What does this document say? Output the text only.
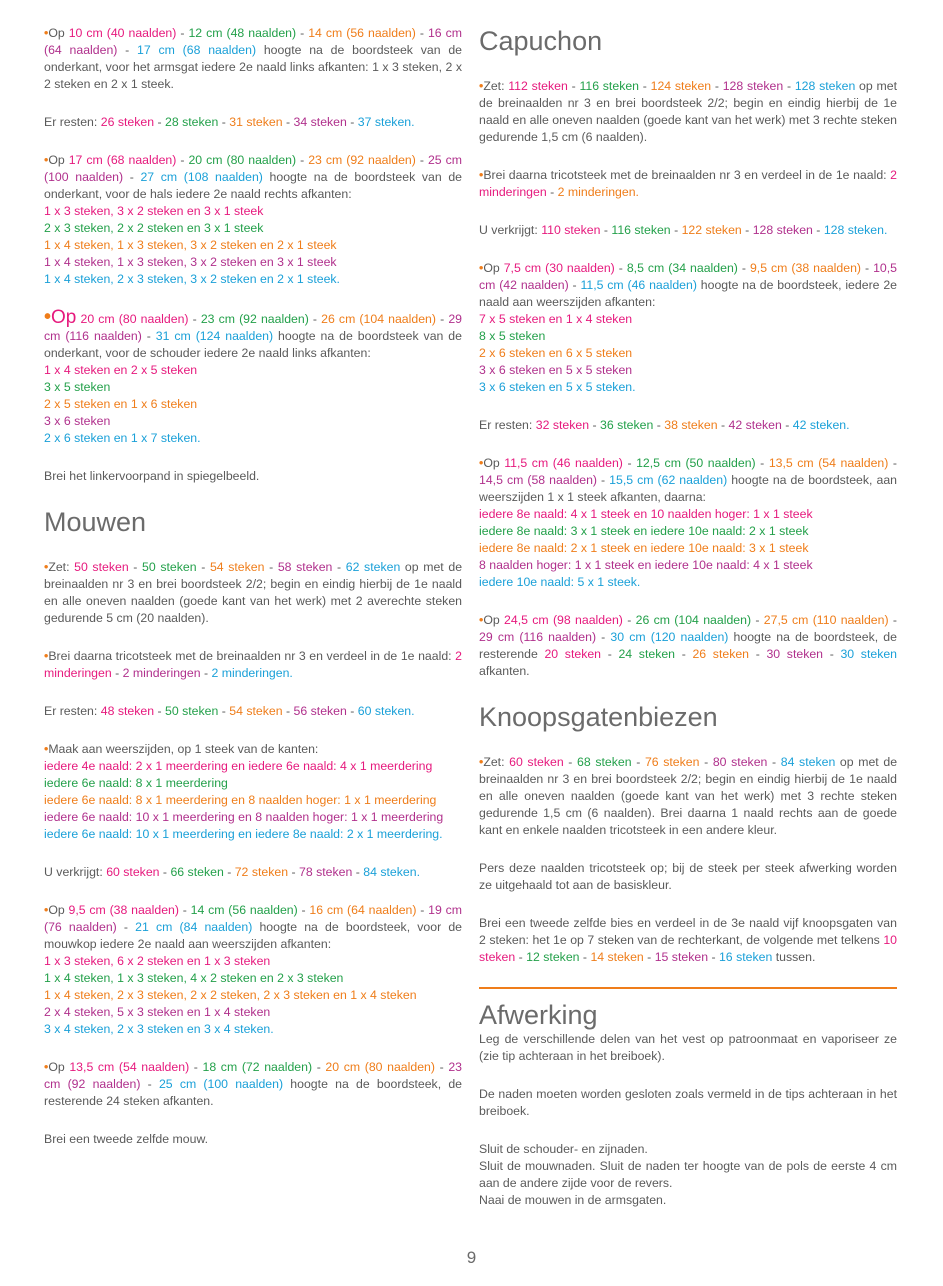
•Op 10 cm (40 naalden) - 12 cm (48 naalden) - 14 cm (56 naalden) - 16 cm (64 naalden) - 17 cm (68 naalden) hoogte na de boordsteek van de onderkant, voor het armsgat iedere 2e naald links afkanten: 1 x 3 steken, 2 x 2 steken en 2 x 1 steek.
Er resten: 26 steken - 28 steken - 31 steken - 34 steken - 37 steken.
•Op 17 cm (68 naalden) - 20 cm (80 naalden) - 23 cm (92 naalden) - 25 cm (100 naalden) - 27 cm (108 naalden) hoogte na de boordsteek van de onderkant, voor de hals iedere 2e naald rechts afkanten:
1 x 3 steken, 3 x 2 steken en 3 x 1 steek
2 x 3 steken, 2 x 2 steken en 3 x 1 steek
1 x 4 steken, 1 x 3 steken, 3 x 2 steken en 2 x 1 steek
1 x 4 steken, 1 x 3 steken, 3 x 2 steken en 3 x 1 steek
1 x 4 steken, 2 x 3 steken, 3 x 2 steken en 2 x 1 steek.
•Op 20 cm (80 naalden) - 23 cm (92 naalden) - 26 cm (104 naalden) - 29 cm (116 naalden) - 31 cm (124 naalden) hoogte na de boordsteek van de onderkant, voor de schouder iedere 2e naald links afkanten:
1 x 4 steken en 2 x 5 steken
3 x 5 steken
2 x 5 steken en 1 x 6 steken
3 x 6 steken
2 x 6 steken en 1 x 7 steken.
Brei het linkervoorpand in spiegelbeeld.
Mouwen
•Zet: 50 steken - 50 steken - 54 steken - 58 steken - 62 steken op met de breinaalden nr 3 en brei boordsteek 2/2; begin en eindig hierbij de 1e naald en alle oneven naalden (goede kant van het werk) met 2 averechte steken gedurende 5 cm (20 naalden).
•Brei daarna tricotsteek met de breinaalden nr 3 en verdeel in de 1e naald: 2 minderingen - 2 minderingen - 2 minderingen.
Er resten: 48 steken - 50 steken - 54 steken - 56 steken - 60 steken.
•Maak aan weerszijden, op 1 steek van de kanten:
iedere 4e naald: 2 x 1 meerdering en iedere 6e naald: 4 x 1 meerdering
iedere 6e naald: 8 x 1 meerdering
iedere 6e naald: 8 x 1 meerdering en 8 naalden hoger: 1 x 1 meerdering
iedere 6e naald: 10 x 1 meerdering en 8 naalden hoger: 1 x 1 meerdering
iedere 6e naald: 10 x 1 meerdering en iedere 8e naald: 2 x 1 meerdering.
U verkrijgt: 60 steken - 66 steken - 72 steken - 78 steken - 84 steken.
•Op 9,5 cm (38 naalden) - 14 cm (56 naalden) - 16 cm (64 naalden) - 19 cm (76 naalden) - 21 cm (84 naalden) hoogte na de boordsteek, voor de mouwkop iedere 2e naald aan weerszijden afkanten:
1 x 3 steken, 6 x 2 steken en 1 x 3 steken
1 x 4 steken, 1 x 3 steken, 4 x 2 steken en 2 x 3 steken
1 x 4 steken, 2 x 3 steken, 2 x 2 steken, 2 x 3 steken en 1 x 4 steken
2 x 4 steken, 5 x 3 steken en 1 x 4 steken
3 x 4 steken, 2 x 3 steken en 3 x 4 steken.
•Op 13,5 cm (54 naalden) - 18 cm (72 naalden) - 20 cm (80 naalden) - 23 cm (92 naalden) - 25 cm (100 naalden) hoogte na de boordsteek, de resterende 24 steken afkanten.
Brei een tweede zelfde mouw.
Capuchon
•Zet: 112 steken - 116 steken - 124 steken - 128 steken - 128 steken op met de breinaalden nr 3 en brei boordsteek 2/2; begin en eindig hierbij de 1e naald en alle oneven naalden (goede kant van het werk) met 3 rechte steken gedurende 1,5 cm (6 naalden).
•Brei daarna tricotsteek met de breinaalden nr 3 en verdeel in de 1e naald: 2 minderingen - 2 minderingen.
U verkrijgt: 110 steken - 116 steken - 122 steken - 128 steken - 128 steken.
•Op 7,5 cm (30 naalden) - 8,5 cm (34 naalden) - 9,5 cm (38 naalden) - 10,5 cm (42 naalden) - 11,5 cm (46 naalden) hoogte na de boordsteek, iedere 2e naald aan weerszijden afkanten:
7 x 5 steken en 1 x 4 steken
8 x 5 steken
2 x 6 steken en 6 x 5 steken
3 x 6 steken en 5 x 5 steken
3 x 6 steken en 5 x 5 steken.
Er resten: 32 steken - 36 steken - 38 steken - 42 steken - 42 steken.
•Op 11,5 cm (46 naalden) - 12,5 cm (50 naalden) - 13,5 cm (54 naalden) - 14,5 cm (58 naalden) - 15,5 cm (62 naalden) hoogte na de boordsteek, aan weerszijden 1 x 1 steek afkanten, daarna:
iedere 8e naald: 4 x 1 steek en 10 naalden hoger: 1 x 1 steek
iedere 8e naald: 3 x 1 steek en iedere 10e naald: 2 x 1 steek
iedere 8e naald: 2 x 1 steek en iedere 10e naald: 3 x 1 steek
8 naalden hoger: 1 x 1 steek en iedere 10e naald: 4 x 1 steek
iedere 10e naald: 5 x 1 steek.
•Op 24,5 cm (98 naalden) - 26 cm (104 naalden) - 27,5 cm (110 naalden) - 29 cm (116 naalden) - 30 cm (120 naalden) hoogte na de boordsteek, de resterende 20 steken - 24 steken - 26 steken - 30 steken - 30 steken afkanten.
Knoopsgatenbiezen
•Zet: 60 steken - 68 steken - 76 steken - 80 steken - 84 steken op met de breinaalden nr 3 en brei boordsteek 2/2; begin en eindig hierbij de 1e naald en alle oneven naalden (goede kant van het werk) met 3 rechte steken gedurende 1,5 cm (6 naalden). Brei daarna 1 naald rechts aan de goede kant en enkele naalden tricotsteek in een andere kleur.
Pers deze naalden tricotsteek op; bij de steek per steek afwerking worden ze uitgehaald tot aan de basiskleur.
Brei een tweede zelfde bies en verdeel in de 3e naald vijf knoopsgaten van 2 steken: het 1e op 7 steken van de rechterkant, de volgende met telkens 10 steken - 12 steken - 14 steken - 15 steken - 16 steken tussen.
Afwerking
Leg de verschillende delen van het vest op patroonmaat en vaporiseer ze (zie tip achteraan in het breiboek).
De naden moeten worden gesloten zoals vermeld in de tips achteraan in het breiboek.
Sluit de schouder- en zijnaden.
Sluit de mouwnaden. Sluit de naden ter hoogte van de pols de eerste 4 cm aan de andere zijde voor de revers.
Naai de mouwen in de armsgaten.
9
